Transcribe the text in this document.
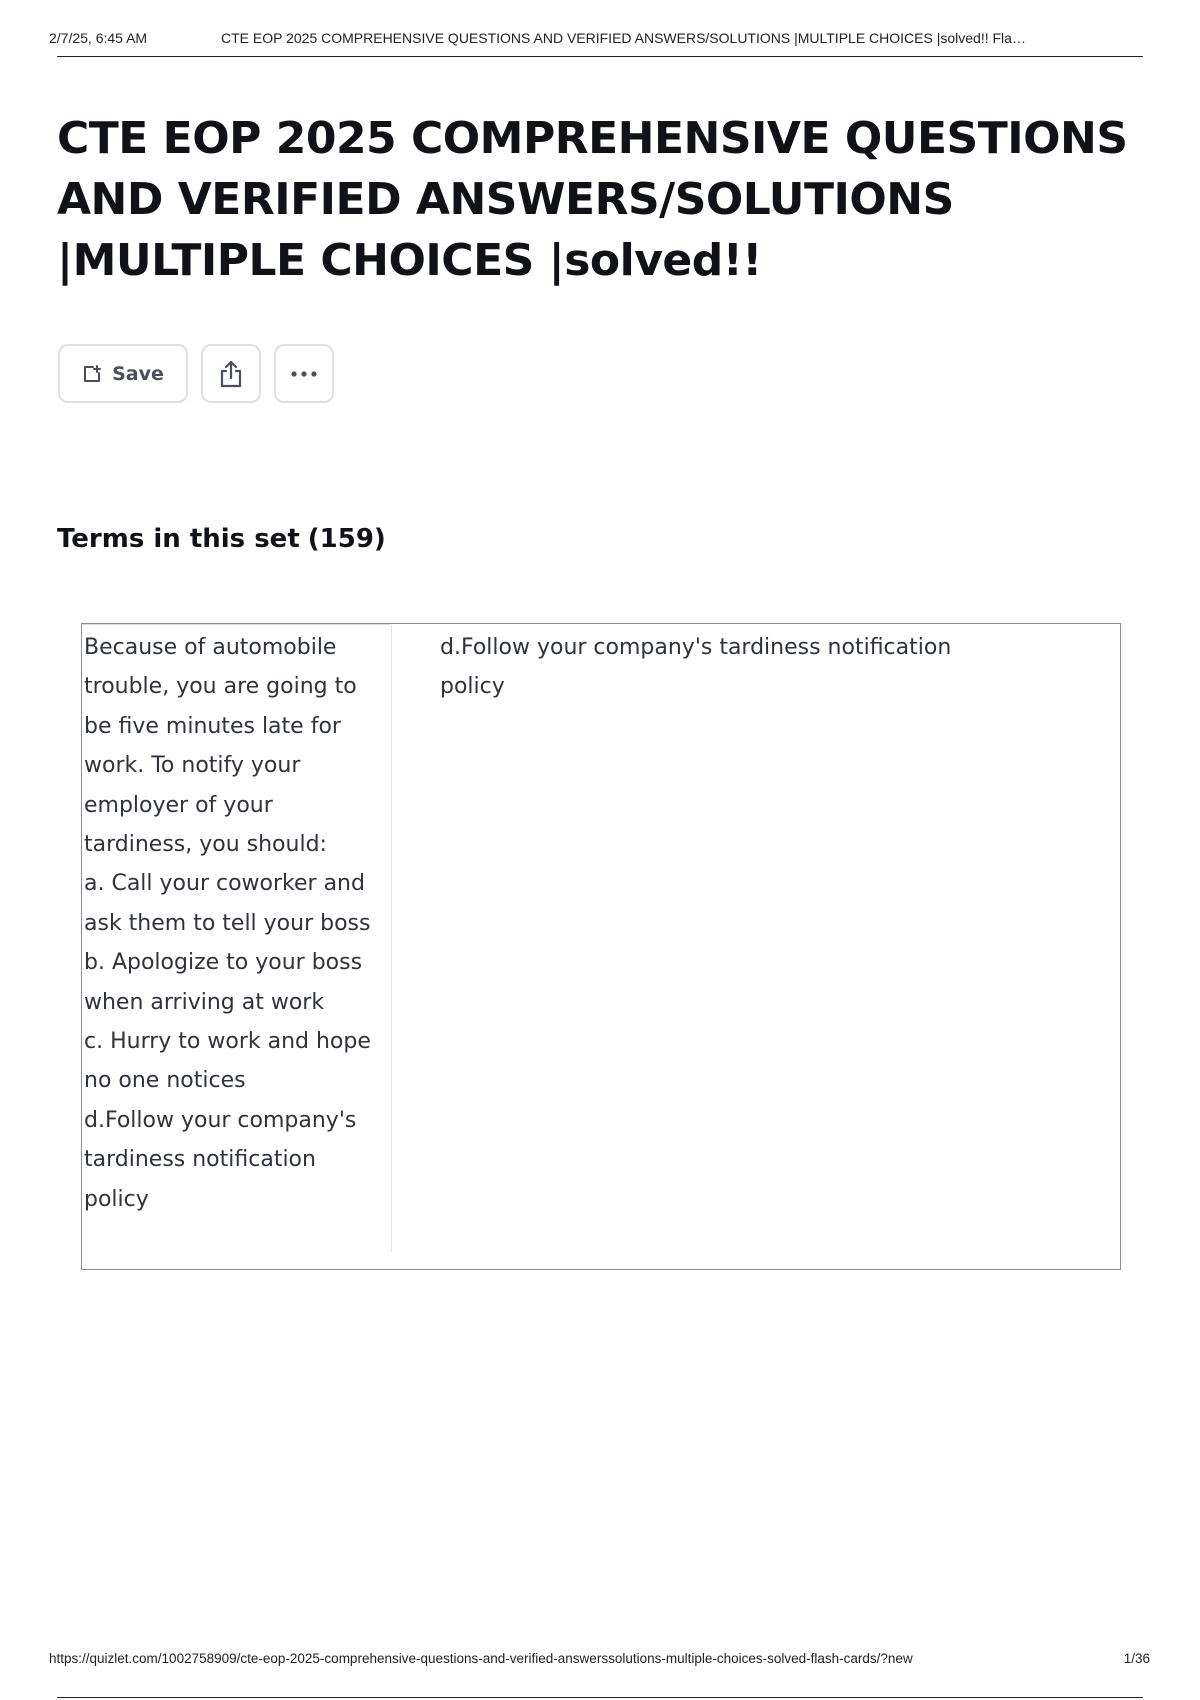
2/7/25, 6:45 AM	CTE EOP 2025 COMPREHENSIVE QUESTIONS AND VERIFIED ANSWERS/SOLUTIONS |MULTIPLE CHOICES |solved!! Fla…
CTE EOP 2025 COMPREHENSIVE QUESTIONS AND VERIFIED ANSWERS/SOLUTIONS |MULTIPLE CHOICES |solved!!
Save
Terms in this set (159)
Because of automobile trouble, you are going to be five minutes late for work. To notify your employer of your tardiness, you should:
a. Call your coworker and ask them to tell your boss
b. Apologize to your boss when arriving at work
c. Hurry to work and hope no one notices
d.Follow your company's tardiness notification policy
d.Follow your company's tardiness notification policy
https://quizlet.com/1002758909/cte-eop-2025-comprehensive-questions-and-verified-answerssolutions-multiple-choices-solved-flash-cards/?new	1/36
